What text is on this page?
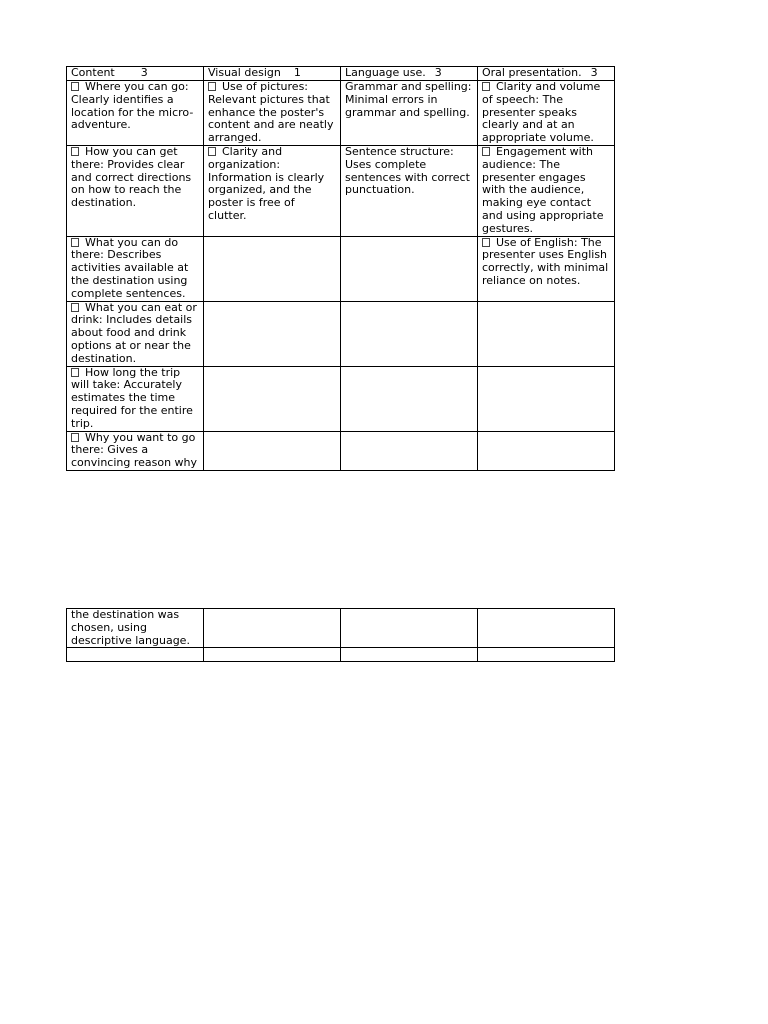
Content 3	Visual design 1	Language use. 3	Oral presentation. 3
Where you can go: Clearly identifies a location for the micro-adventure.	Use of pictures: Relevant pictures that enhance the poster's content and are neatly arranged.	Grammar and spelling: Minimal errors in grammar and spelling.	Clarity and volume of speech: The presenter speaks clearly and at an appropriate volume.
How you can get there: Provides clear and correct directions on how to reach the destination.	Clarity and organization: Information is clearly organized, and the poster is free of clutter.	Sentence structure: Uses complete sentences with correct punctuation.	Engagement with audience: The presenter engages with the audience, making eye contact and using appropriate gestures.
What you can do there: Describes activities available at the destination using complete sentences.			Use of English: The presenter uses English correctly, with minimal reliance on notes.
What you can eat or drink: Includes details about food and drink options at or near the destination.			
How long the trip will take: Accurately estimates the time required for the entire trip.			
Why you want to go there: Gives a convincing reason why			
the destination was chosen, using descriptive language.			
